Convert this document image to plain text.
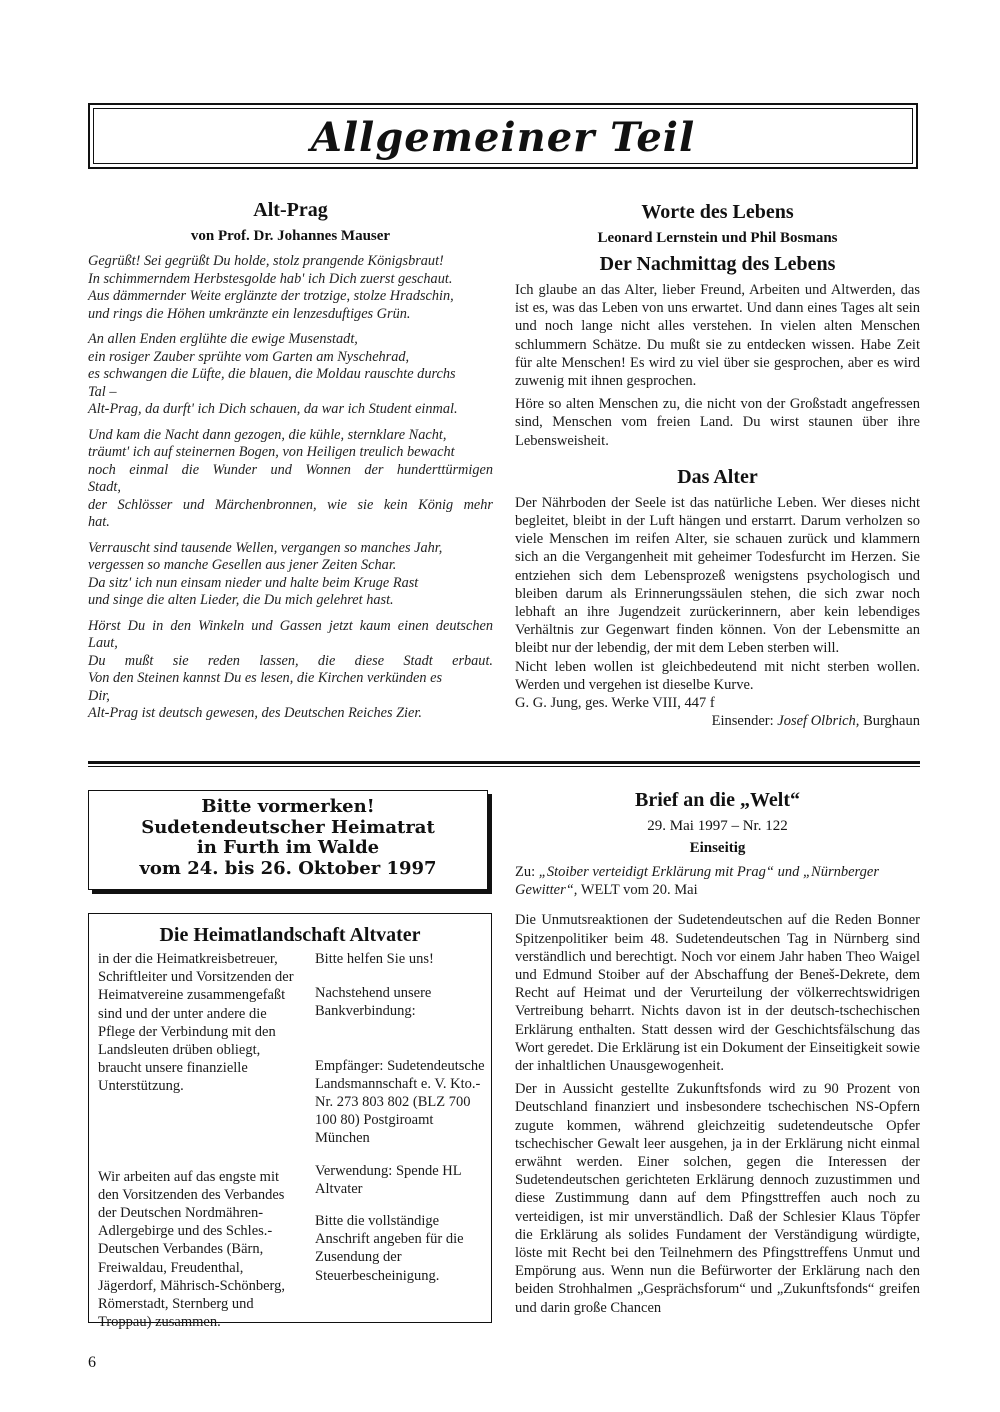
Allgemeiner Teil
Alt-Prag
von Prof. Dr. Johannes Mauser
Gegrüßt! Sei gegrüßt Du holde, stolz prangende Königsbraut!
In schimmerndem Herbstesgolde hab' ich Dich zuerst geschaut.
Aus dämmernder Weite erglänzte der trotzige, stolze Hradschin,
und rings die Höhen umkränzte ein lenzesduftiges Grün.
An allen Enden erglühte die ewige Musenstadt,
ein rosiger Zauber sprühte vom Garten am Nyschehrad,
es schwangen die Lüfte, die blauen, die Moldau rauschte durchs
Tal –
Alt-Prag, da durft' ich Dich schauen, da war ich Student einmal.
Und kam die Nacht dann gezogen, die kühle, sternklare Nacht,
träumt' ich auf steinernen Bogen, von Heiligen treulich bewacht
noch einmal die Wunder und Wonnen der hunderttürmigen
Stadt,
der Schlösser und Märchenbronnen, wie sie kein König mehr
hat.
Verrauscht sind tausende Wellen, vergangen so manches Jahr,
vergessen so manche Gesellen aus jener Zeiten Schar.
Da sitz' ich nun einsam nieder und halte beim Kruge Rast
und singe die alten Lieder, die Du mich gelehret hast.
Hörst Du in den Winkeln und Gassen jetzt kaum einen deutschen
Laut,
Du mußt sie reden lassen, die diese Stadt erbaut.
Von den Steinen kannst Du es lesen, die Kirchen verkünden es
Dir,
Alt-Prag ist deutsch gewesen, des Deutschen Reiches Zier.
Worte des Lebens
Leonard Lernstein und Phil Bosmans
Der Nachmittag des Lebens

Ich glaube an das Alter, lieber Freund, Arbeiten und Altwerden, das ist es, was das Leben von uns erwartet. Und dann eines Tages alt sein und noch lange nicht alles verstehen. In vielen alten Menschen schlummern Schätze. Du mußt sie zu entdecken wissen. Habe Zeit für alte Menschen! Es wird zu viel über sie gesprochen, aber es wird zuwenig mit ihnen gesprochen.

Höre so alten Menschen zu, die nicht von der Großstadt angefressen sind, Menschen vom freien Land. Du wirst staunen über ihre Lebensweisheit.

Das Alter

Der Nährboden der Seele ist das natürliche Leben. Wer dieses nicht begleitet, bleibt in der Luft hängen und erstarrt. Darum verholzen so viele Menschen im reifen Alter, sie schauen zurück und klammern sich an die Vergangenheit mit geheimer Todesfurcht im Herzen. Sie entziehen sich dem Lebensprozeß wenigstens psychologisch und bleiben darum als Erinnerungssäulen stehen, die sich zwar noch lebhaft an ihre Jugendzeit zurückerinnern, aber kein lebendiges Verhältnis zur Gegenwart finden können. Von der Lebensmitte an bleibt nur der lebendig, der mit dem Leben sterben will.

Nicht leben wollen ist gleichbedeutend mit nicht sterben wollen. Werden und vergehen ist dieselbe Kurve.

G. G. Jung, ges. Werke VIII, 447 f

Einsender: Josef Olbrich, Burghaun

Bitte vormerken!
Sudetendeutscher Heimatrat
in Furth im Walde
vom 24. bis 26. Oktober 1997
Die Heimatlandschaft Altvater

in der die Heimatkreisbetreuer, Schriftleiter und Vorsitzenden der Heimatvereine zusammengefaßt sind und der unter andere die Pflege der Verbindung mit den Landsleuten drüben obliegt, braucht unsere finanzielle Unterstützung.

Wir arbeiten auf das engste mit den Vorsitzenden des Verbandes der Deutschen Nordmähren-Adlergebirge und des Schles.-Deutschen Verbandes (Bärn, Freiwaldau, Freudenthal, Jägerdorf, Mährisch-Schönberg, Römerstadt, Sternberg und Troppau) zusammen.

Bitte helfen Sie uns!

Nachstehend unsere Bankverbindung:

Empfänger: Sudetendeutsche Landsmannschaft e. V. Kto.-Nr. 273 803 802 (BLZ 700 100 80) Postgiroamt München

Verwendung: Spende HL Altvater

Bitte die vollständige Anschrift angeben für die Zusendung der Steuerbescheinigung.

Brief an die „Welt“
29. Mai 1997 – Nr. 122
Einseitig
Zu: „Stoiber verteidigt Erklärung mit Prag“ und „Nürnberger Gewitter“, WELT vom 20. Mai

Die Unmutsreaktionen der Sudetendeutschen auf die Reden Bonner Spitzenpolitiker beim 48. Sudetendeutschen Tag in Nürnberg sind verständlich und berechtigt. Noch vor einem Jahr haben Theo Waigel und Edmund Stoiber auf der Abschaffung der Beneš-Dekrete, dem Recht auf Heimat und der Verurteilung der völkerrechtswidrigen Vertreibung beharrt. Nichts davon ist in der deutsch-tschechischen Erklärung enthalten. Statt dessen wird der Geschichtsfälschung das Wort geredet. Die Erklärung ist ein Dokument der Einseitigkeit sowie der inhaltlichen Unausgewogenheit.

Der in Aussicht gestellte Zukunftsfonds wird zu 90 Prozent von Deutschland finanziert und insbesondere tschechischen NS-Opfern zugute kommen, während gleichzeitig sudetendeutsche Opfer tschechischer Gewalt leer ausgehen, ja in der Erklärung nicht einmal erwähnt werden. Einer solchen, gegen die Interessen der Sudetendeutschen gerichteten Erklärung dennoch zuzustimmen und diese Zustimmung dann auf dem Pfingsttreffen auch noch zu verteidigen, ist mir unverständlich. Daß der Schlesier Klaus Töpfer die Erklärung als solides Fundament der Verständigung würdigte, löste mit Recht bei den Teilnehmern des Pfingsttreffens Unmut und Empörung aus. Wenn nun die Befürworter der Erklärung nach den beiden Strohhalmen „Gesprächsforum“ und „Zukunftsfonds“ greifen und darin große Chancen

6
